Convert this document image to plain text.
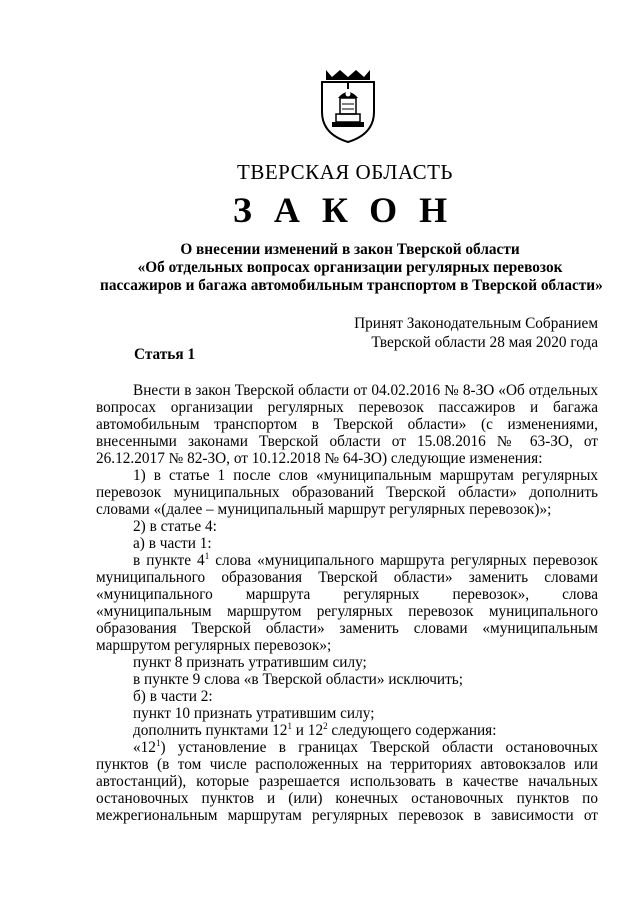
ТВЕРСКАЯ ОБЛАСТЬ
ЗАКОН
О внесении изменений в закон Тверской области
«Об отдельных вопросах организации регулярных перевозок
пассажиров и багажа автомобильным транспортом в Тверской области»
Принят Законодательным Собранием
Тверской области 28 мая 2020 года
Статья 1

Внести в закон Тверской области от 04.02.2016 № 8-ЗО «Об отдельных вопросах организации регулярных перевозок пассажиров и багажа автомобильным транспортом в Тверской области» (с изменениями, внесенными законами Тверской области от 15.08.2016 № 63-ЗО, от 26.12.2017 № 82-ЗО, от 10.12.2018 № 64-ЗО) следующие изменения:

1) в статье 1 после слов «муниципальным маршрутам регулярных перевозок муниципальных образований Тверской области» дополнить словами «(далее – муниципальный маршрут регулярных перевозок)»;

2) в статье 4:

а) в части 1:

в пункте $4^1$ слова «муниципального маршрута регулярных перевозок муниципального образования Тверской области» заменить словами «муниципального маршрута регулярных перевозок», слова «муниципальным маршрутом регулярных перевозок муниципального образования Тверской области» заменить словами «муниципальным маршрутом регулярных перевозок»;

пункт 8 признать утратившим силу;

в пункте 9 слова «в Тверской области» исключить;

б) в части 2:

пункт 10 признать утратившим силу;

дополнить пунктами $12^1$ и $12^2$ следующего содержания:

«$12^1$) установление в границах Тверской области остановочных пунктов (в том числе расположенных на территориях автовокзалов или автостанций), которые разрешается использовать в качестве начальных остановочных пунктов и (или) конечных остановочных пунктов по межрегиональным маршрутам регулярных перевозок в зависимости от
